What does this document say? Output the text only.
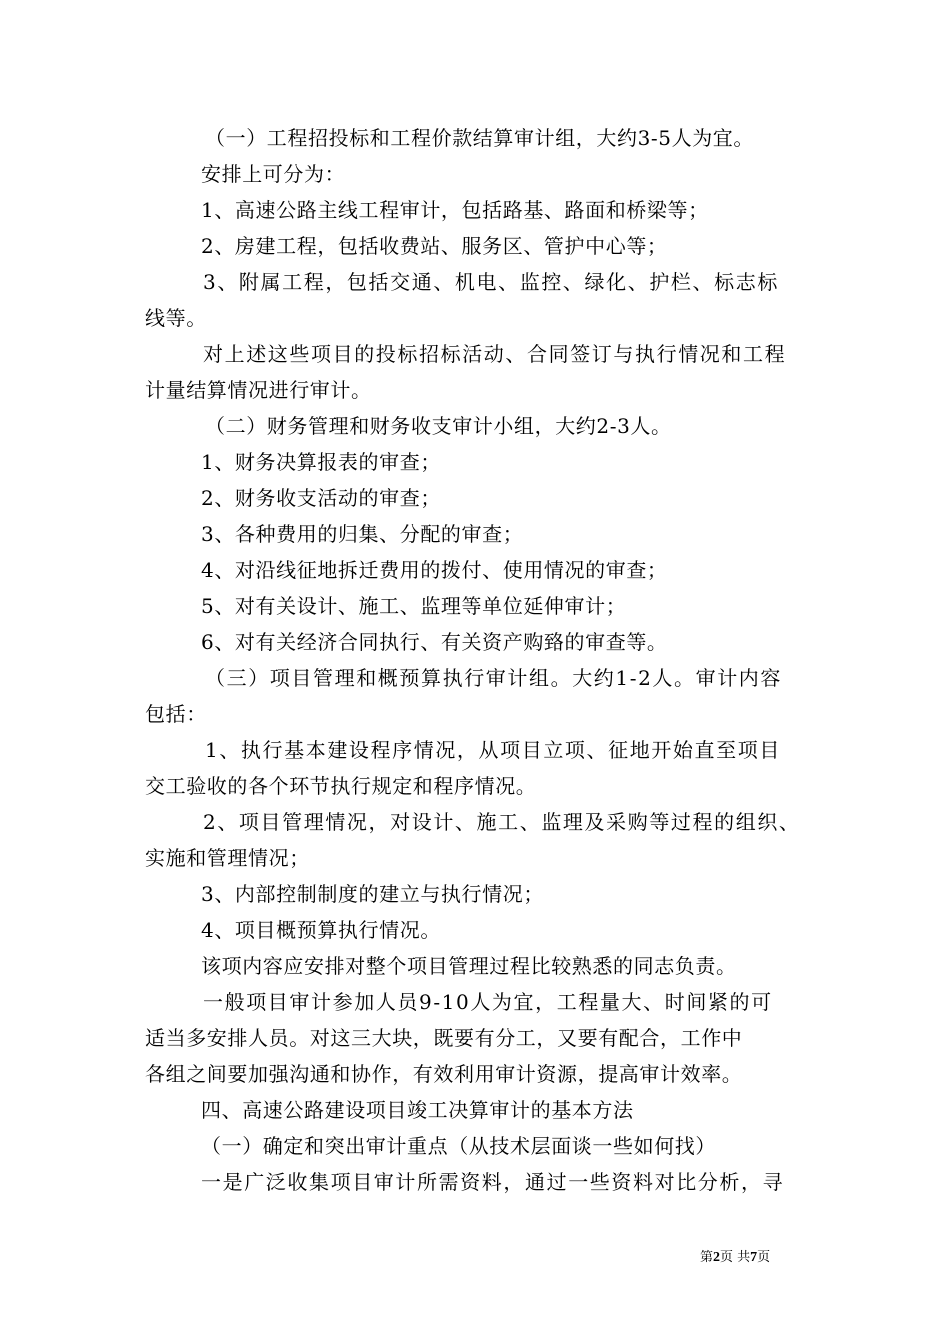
（一）工程招投标和工程价款结算审计组，大约3-5人为宜。
安排上可分为：
1、高速公路主线工程审计，包括路基、路面和桥梁等；
2、房建工程，包括收费站、服务区、管护中心等；
3、附属工程，包括交通、机电、监控、绿化、护栏、标志标
线等。
对上述这些项目的投标招标活动、合同签订与执行情况和工程
计量结算情况进行审计。
（二）财务管理和财务收支审计小组，大约2-3人。
1、财务决算报表的审查；
2、财务收支活动的审查；
3、各种费用的归集、分配的审查；
4、对沿线征地拆迁费用的拨付、使用情况的审查；
5、对有关设计、施工、监理等单位延伸审计；
6、对有关经济合同执行、有关资产购臵的审查等。
（三）项目管理和概预算执行审计组。大约1-2人。审计内容
包括：
1、执行基本建设程序情况，从项目立项、征地开始直至项目
交工验收的各个环节执行规定和程序情况。
2、项目管理情况，对设计、施工、监理及采购等过程的组织、
实施和管理情况；
3、内部控制制度的建立与执行情况；
4、项目概预算执行情况。
该项内容应安排对整个项目管理过程比较熟悉的同志负责。
一般项目审计参加人员9-10人为宜，工程量大、时间紧的可
适当多安排人员。对这三大块，既要有分工，又要有配合，工作中
各组之间要加强沟通和协作，有效利用审计资源，提高审计效率。
四、高速公路建设项目竣工决算审计的基本方法
（一）确定和突出审计重点（从技术层面谈一些如何找）
一是广泛收集项目审计所需资料，通过一些资料对比分析，寻
第2页 共7页
